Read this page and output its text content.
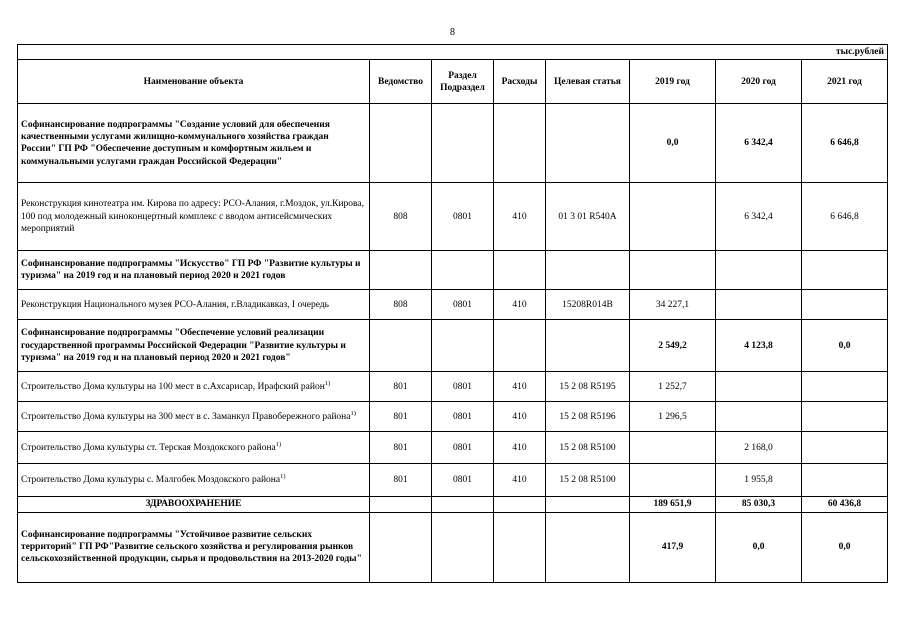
8
тыс.рублей							
Наименование объекта	Ведомство	Раздел Подраздел	Расходы	Целевая статья	2019 год	2020 год	2021 год
Софинансирование подпрограммы "Создание условий для обеспечения качественными услугами жилищно-коммунального хозяйства граждан России" ГП РФ "Обеспечение доступным и комфортным жильем и коммунальными услугами граждан Российской Федерации"					0,0	6 342,4	6 646,8
Реконструкция кинотеатра им. Кирова по адресу: РСО-Алания, г.Моздок, ул.Кирова, 100 под молодежный киноконцертный комплекс с вводом антисейсмических мероприятий	808	0801	410	01 3 01 R540A		6 342,4	6 646,8
Софинансирование подпрограммы "Искусство" ГП РФ "Развитие культуры и туризма" на 2019 год и на плановый период 2020 и 2021 годов							
Реконструкция Национального музея РСО-Алания, г.Владикавказ, I очередь	808	0801	410	15208R014B	34 227,1		
Софинансирование подпрограммы "Обеспечение условий реализации государственной программы Российской Федерации "Развитие культуры и туризма" на 2019 год и на плановый период 2020 и 2021 годов"					2 549,2	4 123,8	0,0
Строительство Дома культуры на 100 мест в с.Ахсарисар, Ирафский район$^{1)}$	801	0801	410	15 2 08 R5195	1 252,7		
Строительство Дома культуры на 300 мест в с. Заманкул Правобережного района$^{1)}$	801	0801	410	15 2 08 R5196	1 296,5		
Строительство Дома культуры ст. Терская Моздокского района$^{1)}$	801	0801	410	15 2 08 R5100		2 168,0	
Строительство Дома культуры с. Малгобек Моздокского района$^{1)}$	801	0801	410	15 2 08 R5100		1 955,8	
ЗДРАВООХРАНЕНИЕ					189 651,9	85 030,3	60 436,8
Софинансирование подпрограммы "Устойчивое развитие сельских территорий" ГП РФ"Развитие сельского хозяйства и регулирования рынков сельскохозяйственной продукции, сырья и продовольствия на 2013-2020 годы"					417,9	0,0	0,0
